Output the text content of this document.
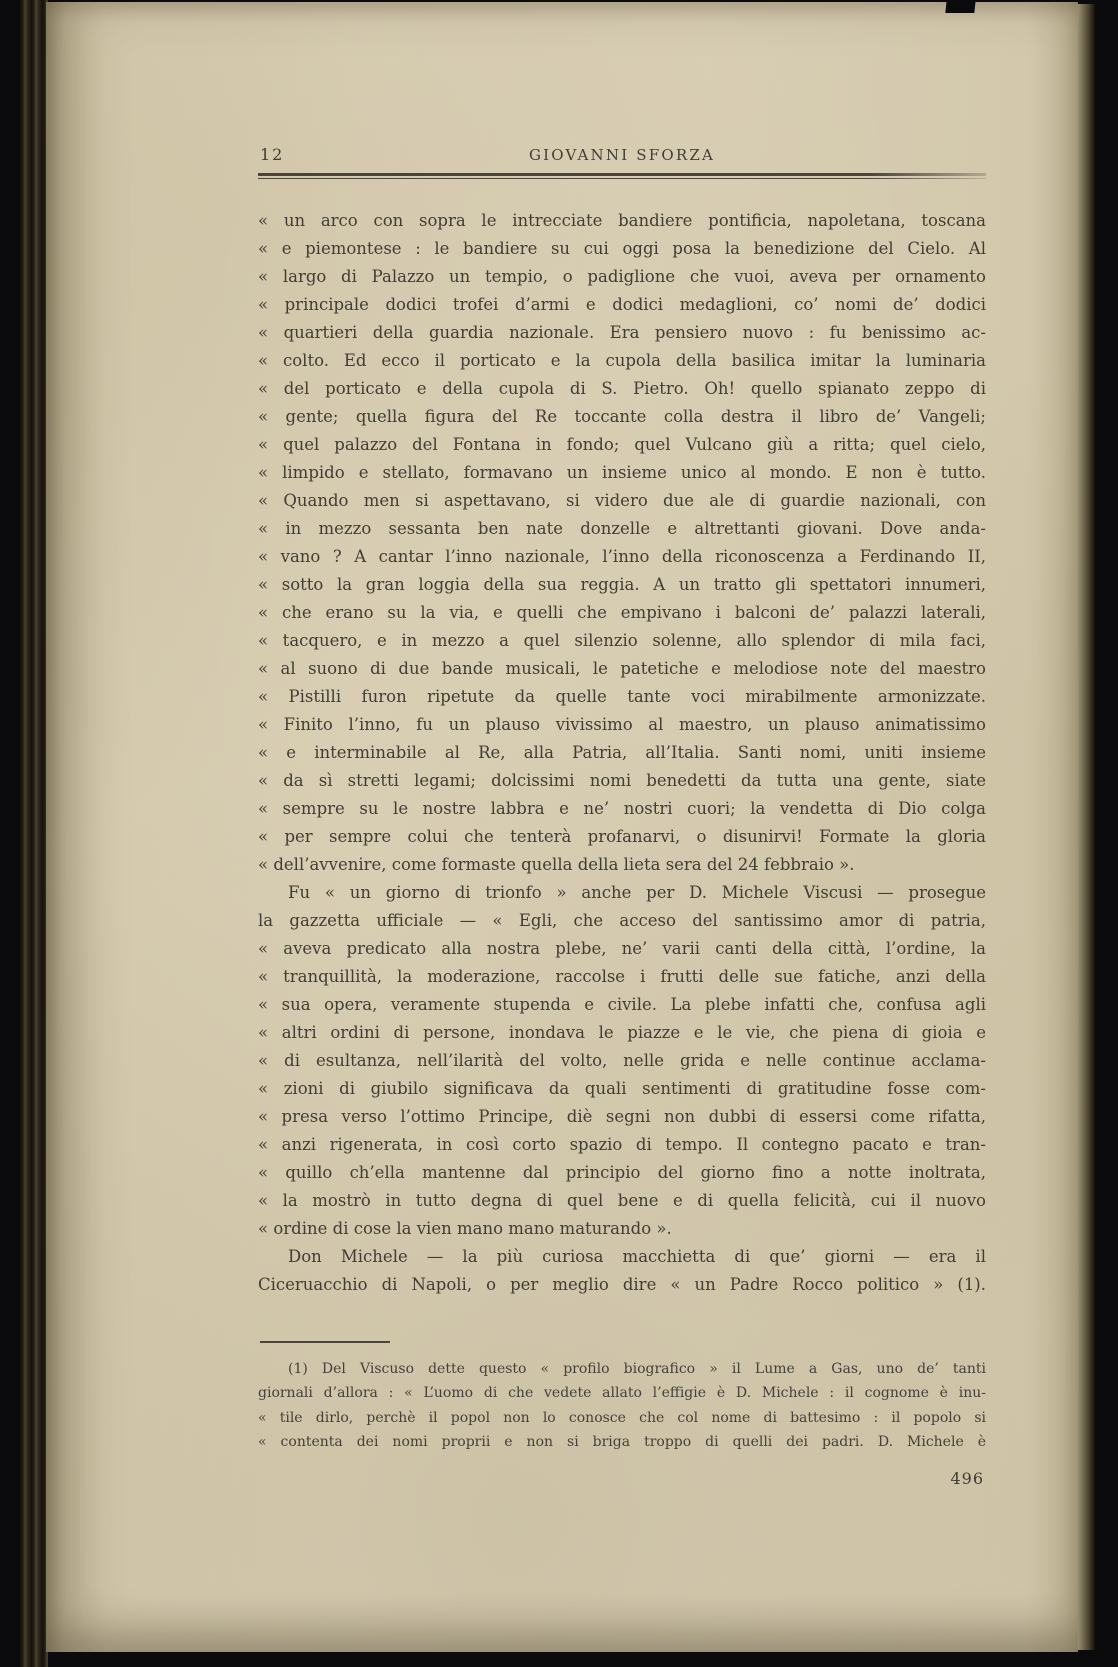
12	GIOVANNI SFORZA
« un arco con sopra le intrecciate bandiere pontificia, napoletana, toscana
« e piemontese : le bandiere su cui oggi posa la benedizione del Cielo. Al
« largo di Palazzo un tempio, o padiglione che vuoi, aveva per ornamento
« principale dodici trofei d’armi e dodici medaglioni, co’ nomi de’ dodici
« quartieri della guardia nazionale. Era pensiero nuovo : fu benissimo ac-
« colto. Ed ecco il porticato e la cupola della basilica imitar la luminaria
« del porticato e della cupola di S. Pietro. Oh! quello spianato zeppo di
« gente; quella figura del Re toccante colla destra il libro de’ Vangeli;
« quel palazzo del Fontana in fondo; quel Vulcano giù a ritta; quel cielo,
« limpido e stellato, formavano un insieme unico al mondo. E non è tutto.
« Quando men si aspettavano, si videro due ale di guardie nazionali, con
« in mezzo sessanta ben nate donzelle e altrettanti giovani. Dove anda-
« vano ? A cantar l’inno nazionale, l’inno della riconoscenza a Ferdinando II,
« sotto la gran loggia della sua reggia. A un tratto gli spettatori innumeri,
« che erano su la via, e quelli che empivano i balconi de’ palazzi laterali,
« tacquero, e in mezzo a quel silenzio solenne, allo splendor di mila faci,
« al suono di due bande musicali, le patetiche e melodiose note del maestro
« Pistilli furon ripetute da quelle tante voci mirabilmente armonizzate.
« Finito l’inno, fu un plauso vivissimo al maestro, un plauso animatissimo
« e interminabile al Re, alla Patria, all’Italia. Santi nomi, uniti insieme
« da sì stretti legami; dolcissimi nomi benedetti da tutta una gente, siate
« sempre su le nostre labbra e ne’ nostri cuori; la vendetta di Dio colga
« per sempre colui che tenterà profanarvi, o disunirvi! Formate la gloria
« dell’avvenire, come formaste quella della lieta sera del 24 febbraio ».
Fu « un giorno di trionfo » anche per D. Michele Viscusi — prosegue
la gazzetta ufficiale — « Egli, che acceso del santissimo amor di patria,
« aveva predicato alla nostra plebe, ne’ varii canti della città, l’ordine, la
« tranquillità, la moderazione, raccolse i frutti delle sue fatiche, anzi della
« sua opera, veramente stupenda e civile. La plebe infatti che, confusa agli
« altri ordini di persone, inondava le piazze e le vie, che piena di gioia e
« di esultanza, nell’ilarità del volto, nelle grida e nelle continue acclama-
« zioni di giubilo significava da quali sentimenti di gratitudine fosse com-
« presa verso l’ottimo Principe, diè segni non dubbi di essersi come rifatta,
« anzi rigenerata, in così corto spazio di tempo. Il contegno pacato e tran-
« quillo ch’ella mantenne dal principio del giorno fino a notte inoltrata,
« la mostrò in tutto degna di quel bene e di quella felicità, cui il nuovo
« ordine di cose la vien mano mano maturando ».
Don Michele — la più curiosa macchietta di que’ giorni — era il
Ciceruacchio di Napoli, o per meglio dire « un Padre Rocco politico » (1).
(1) Del Viscuso dette questo « profilo biografico » il Lume a Gas, uno de’ tanti
giornali d’allora : « L’uomo di che vedete allato l’effigie è D. Michele : il cognome è inu-
« tile dirlo, perchè il popol non lo conosce che col nome di battesimo : il popolo si
« contenta dei nomi proprii e non si briga troppo di quelli dei padri. D. Michele è
496
